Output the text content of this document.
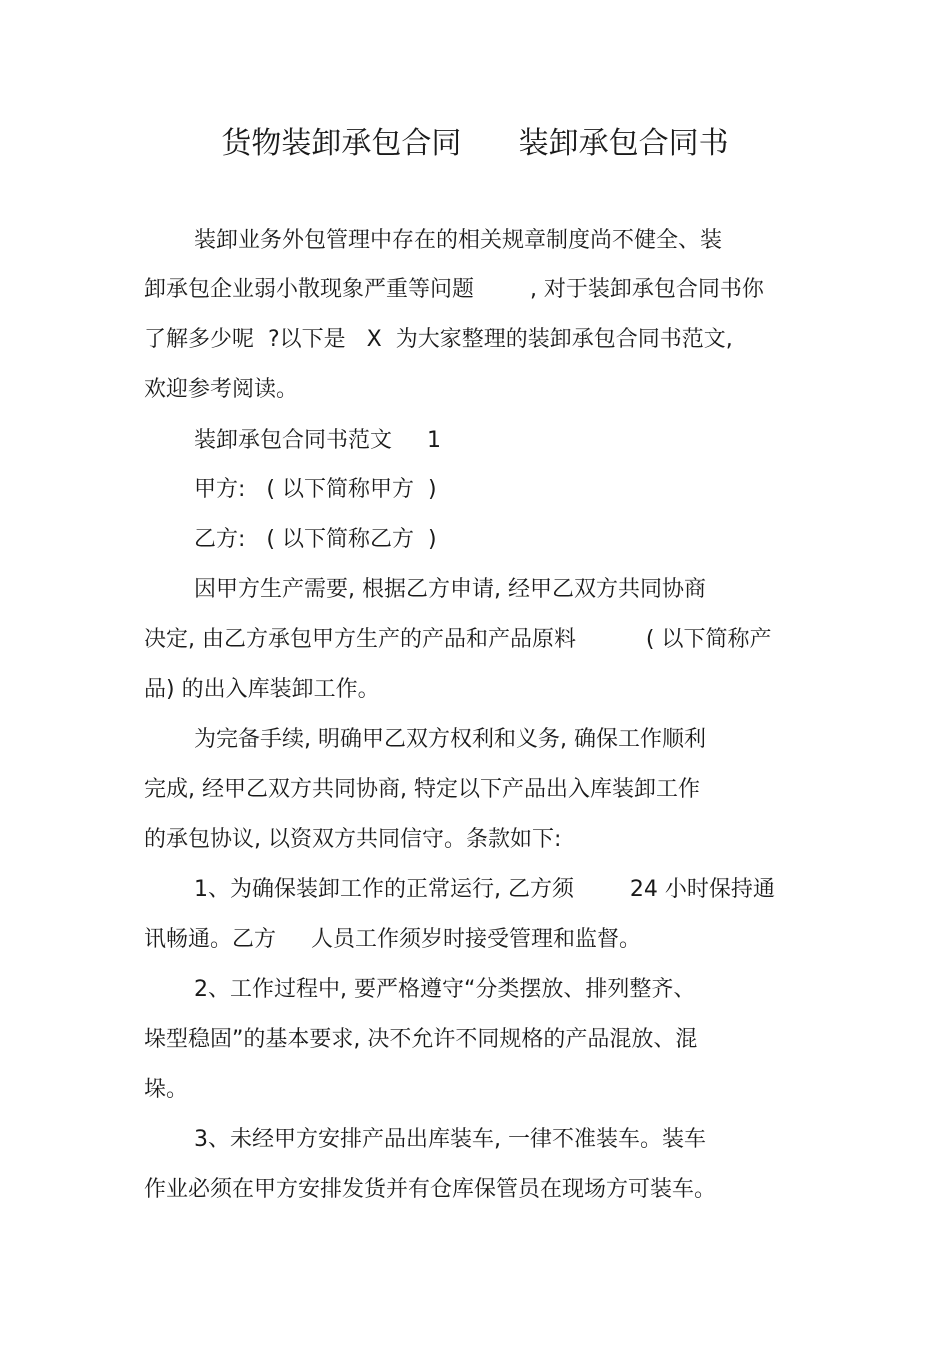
货物装卸承包合同      装卸承包合同书

装卸业务外包管理中存在的相关规章制度尚不健全、装

卸承包企业弱小散现象严重等问题        , 对于装卸承包合同书你

了解多少呢  ?以下是   X  为大家整理的装卸承包合同书范文,

欢迎参考阅读。

装卸承包合同书范文     1

甲方:   ( 以下简称甲方  )

乙方:   ( 以下简称乙方  )

因甲方生产需要, 根据乙方申请, 经甲乙双方共同协商

决定, 由乙方承包甲方生产的产品和产品原料          ( 以下简称产

品) 的出入库装卸工作。

为完备手续, 明确甲乙双方权利和义务, 确保工作顺利

完成, 经甲乙双方共同协商, 特定以下产品出入库装卸工作

的承包协议, 以资双方共同信守。条款如下:

1、为确保装卸工作的正常运行, 乙方须        24 小时保持通

讯畅通。乙方     人员工作须岁时接受管理和监督。

2、工作过程中, 要严格遵守“分类摆放、排列整齐、

垛型稳固”的基本要求, 决不允许不同规格的产品混放、混

垛。

3、未经甲方安排产品出库装车, 一律不准装车。装车

作业必须在甲方安排发货并有仓库保管员在现场方可装车。
